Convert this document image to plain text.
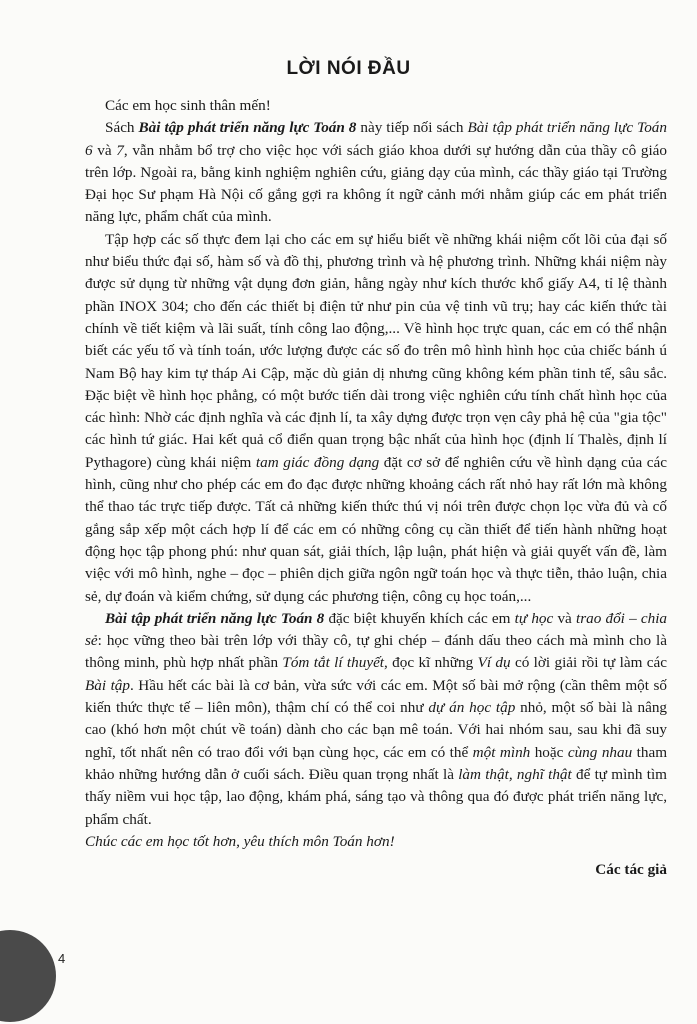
LỜI NÓI ĐẦU

Các em học sinh thân mến!

Sách Bài tập phát triển năng lực Toán 8 này tiếp nối sách Bài tập phát triển năng lực Toán 6 và 7, vẫn nhằm bổ trợ cho việc học với sách giáo khoa dưới sự hướng dẫn của thầy cô giáo trên lớp. Ngoài ra, bằng kinh nghiệm nghiên cứu, giảng dạy của mình, các thầy giáo tại Trường Đại học Sư phạm Hà Nội cố gắng gợi ra không ít ngữ cảnh mới nhằm giúp các em phát triển năng lực, phẩm chất của mình.

Tập hợp các số thực đem lại cho các em sự hiểu biết về những khái niệm cốt lõi của đại số như biểu thức đại số, hàm số và đồ thị, phương trình và hệ phương trình. Những khái niệm này được sử dụng từ những vật dụng đơn giản, hằng ngày như kích thước khổ giấy A4, tỉ lệ thành phần INOX 304; cho đến các thiết bị điện tử như pin của vệ tinh vũ trụ; hay các kiến thức tài chính về tiết kiệm và lãi suất, tính công lao động,... Về hình học trực quan, các em có thể nhận biết các yếu tố và tính toán, ước lượng được các số đo trên mô hình hình học của chiếc bánh ú Nam Bộ hay kim tự tháp Ai Cập, mặc dù giản dị nhưng cũng không kém phần tinh tế, sâu sắc. Đặc biệt về hình học phẳng, có một bước tiến dài trong việc nghiên cứu tính chất hình học của các hình: Nhờ các định nghĩa và các định lí, ta xây dựng được trọn vẹn cây phả hệ của "gia tộc" các hình tứ giác. Hai kết quả cổ điển quan trọng bậc nhất của hình học (định lí Thalès, định lí Pythagore) cùng khái niệm tam giác đồng dạng đặt cơ sở để nghiên cứu về hình dạng của các hình, cũng như cho phép các em đo đạc được những khoảng cách rất nhỏ hay rất lớn mà không thể thao tác trực tiếp được. Tất cả những kiến thức thú vị nói trên được chọn lọc vừa đủ và cố gắng sắp xếp một cách hợp lí để các em có những công cụ cần thiết để tiến hành những hoạt động học tập phong phú: như quan sát, giải thích, lập luận, phát hiện và giải quyết vấn đề, làm việc với mô hình, nghe – đọc – phiên dịch giữa ngôn ngữ toán học và thực tiễn, thảo luận, chia sẻ, dự đoán và kiểm chứng, sử dụng các phương tiện, công cụ học toán,...

Bài tập phát triển năng lực Toán 8 đặc biệt khuyến khích các em tự học và trao đổi – chia sẻ: học vững theo bài trên lớp với thầy cô, tự ghi chép – đánh dấu theo cách mà mình cho là thông minh, phù hợp nhất phần Tóm tắt lí thuyết, đọc kĩ những Ví dụ có lời giải rồi tự làm các Bài tập. Hầu hết các bài là cơ bản, vừa sức với các em. Một số bài mở rộng (cần thêm một số kiến thức thực tế – liên môn), thậm chí có thể coi như dự án học tập nhỏ, một số bài là nâng cao (khó hơn một chút về toán) dành cho các bạn mê toán. Với hai nhóm sau, sau khi đã suy nghĩ, tốt nhất nên có trao đổi với bạn cùng học, các em có thể một mình hoặc cùng nhau tham khảo những hướng dẫn ở cuối sách. Điều quan trọng nhất là làm thật, nghĩ thật để tự mình tìm thấy niềm vui học tập, lao động, khám phá, sáng tạo và thông qua đó được phát triển năng lực, phẩm chất.

Chúc các em học tốt hơn, yêu thích môn Toán hơn!

Các tác giả

4
